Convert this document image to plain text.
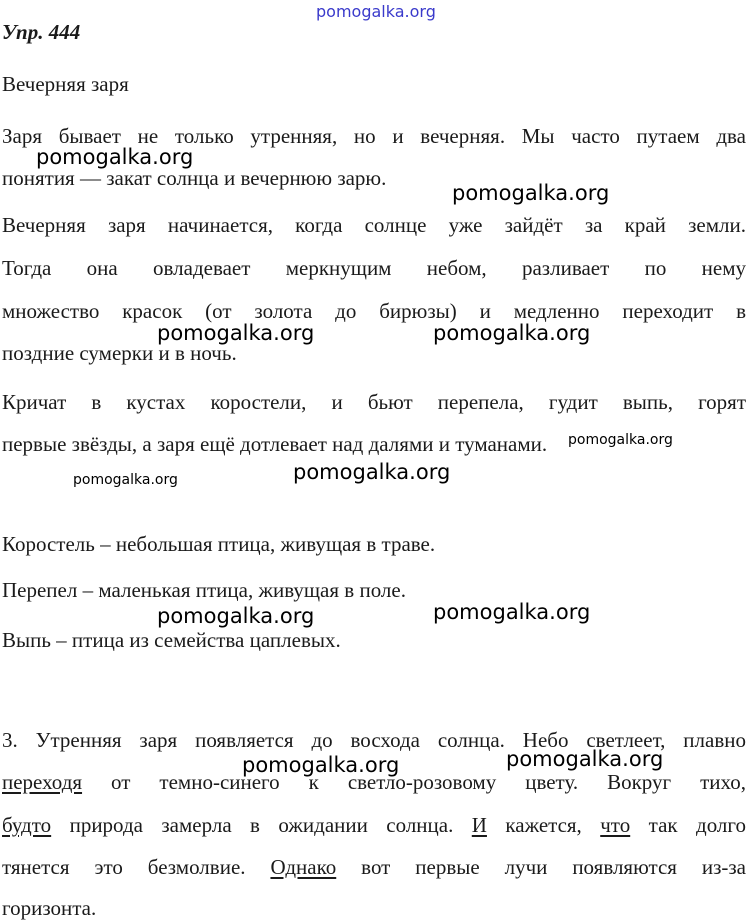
pomogalka.org
Упр. 444
Вечерняя заря
Заря бывает не только утренняя, но и вечерняя. Мы часто путаем два
понятия — закат солнца и вечернюю зарю.
Вечерняя заря начинается, когда солнце уже зайдёт за край земли.
Тогда она овладевает меркнущим небом, разливает по нему
множество красок (от золота до бирюзы) и медленно переходит в
поздние сумерки и в ночь.
Кричат в кустах коростели, и бьют перепела, гудит выпь, горят
первые звёзды, а заря ещё дотлевает над далями и туманами.
Коростель – небольшая птица, живущая в траве.
Перепел – маленькая птица, живущая в поле.
Выпь – птица из семейства цаплевых.
3. Утренняя заря появляется до восхода солнца. Небо светлеет, плавно
переходя от темно-синего к светло-розовому цвету. Вокруг тихо,
будто природа замерла в ожидании солнца. И кажется, что так долго
тянется это безмолвие. Однако вот первые лучи появляются из-за
горизонта.
pomogalka.org
pomogalka.org
pomogalka.org	pomogalka.org
pomogalka.org	pomogalka.org
pomogalka.org
pomogalka.org	pomogalka.org
pomogalka.org	pomogalka.org
